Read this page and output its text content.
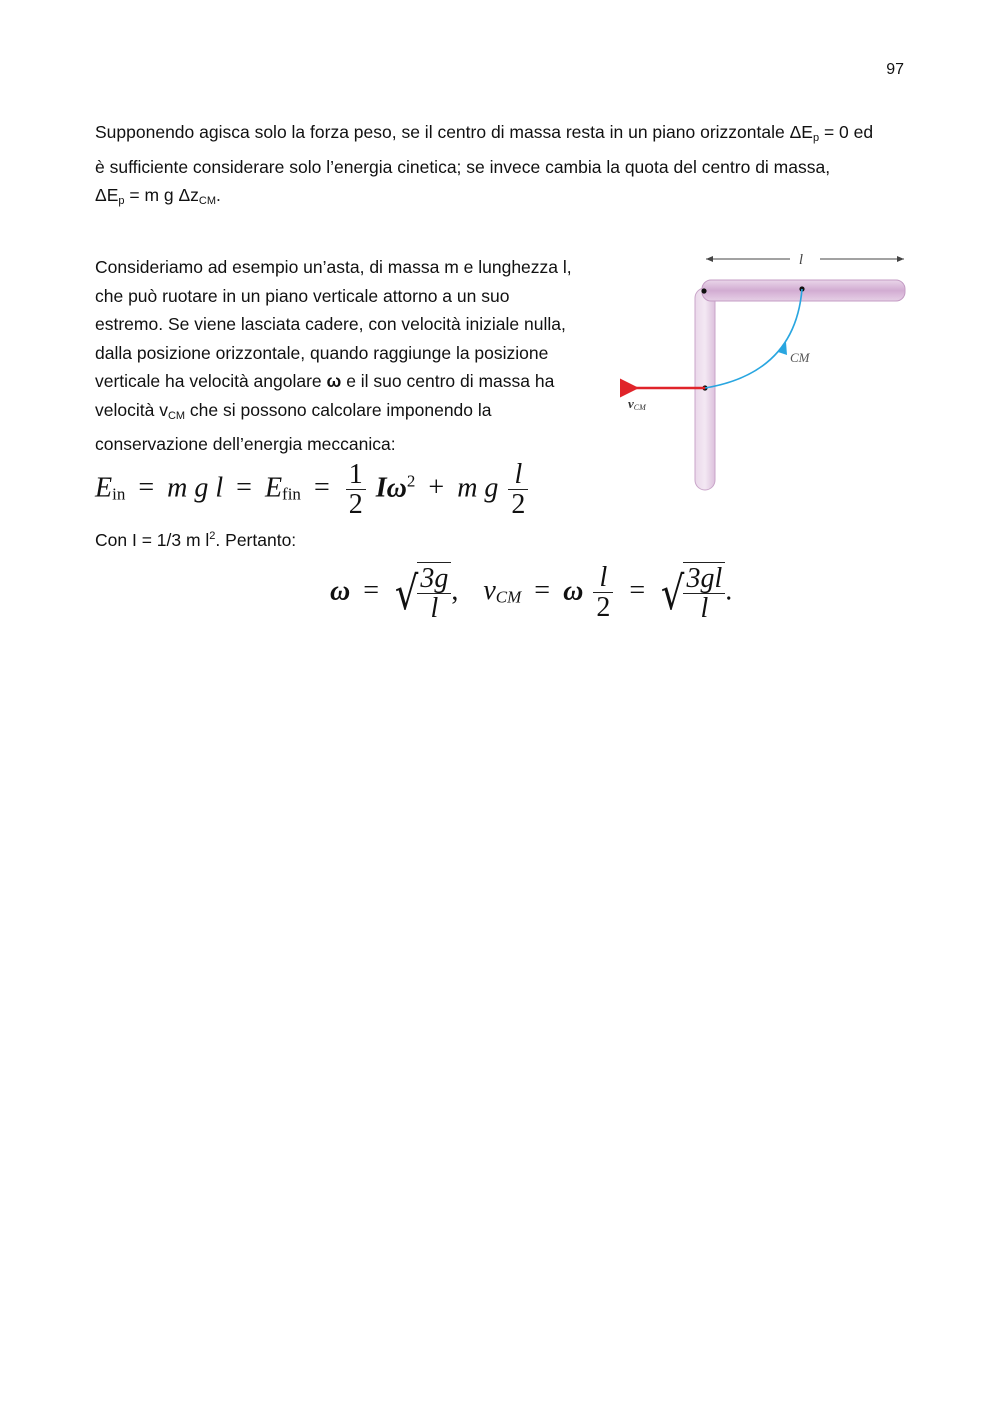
97
Supponendo agisca solo la forza peso, se il centro di massa resta in un piano orizzontale $\Delta E_p = 0$ ed
è sufficiente considerare solo l’energia cinetica; se invece cambia la quota del centro di massa,
$\Delta E_p = m$ g $\Delta z_{CM}$.
Consideriamo ad esempio un’asta, di massa m e lunghezza l,
che può ruotare in un piano verticale attorno a un suo
estremo. Se viene lasciata cadere, con velocità iniziale nulla,
dalla posizione orizzontale, quando raggiunge la posizione
verticale ha velocità angolare ω e il suo centro di massa ha
velocità $v_{CM}$ che si possono calcolare imponendo la
conservazione dell’energia meccanica:
Ein = m g l = Efin = $\frac{1}{2} I\omega^2 + m$ g $\frac{l}{2}$
Con I = 1/3 m $l^2$. Pertanto:
ω = √
$\frac{3g}{l}$ , vCM = ω $\frac{l}{2}$ = √
$\frac{3gl}{l}$ .
l
CM
vCM
